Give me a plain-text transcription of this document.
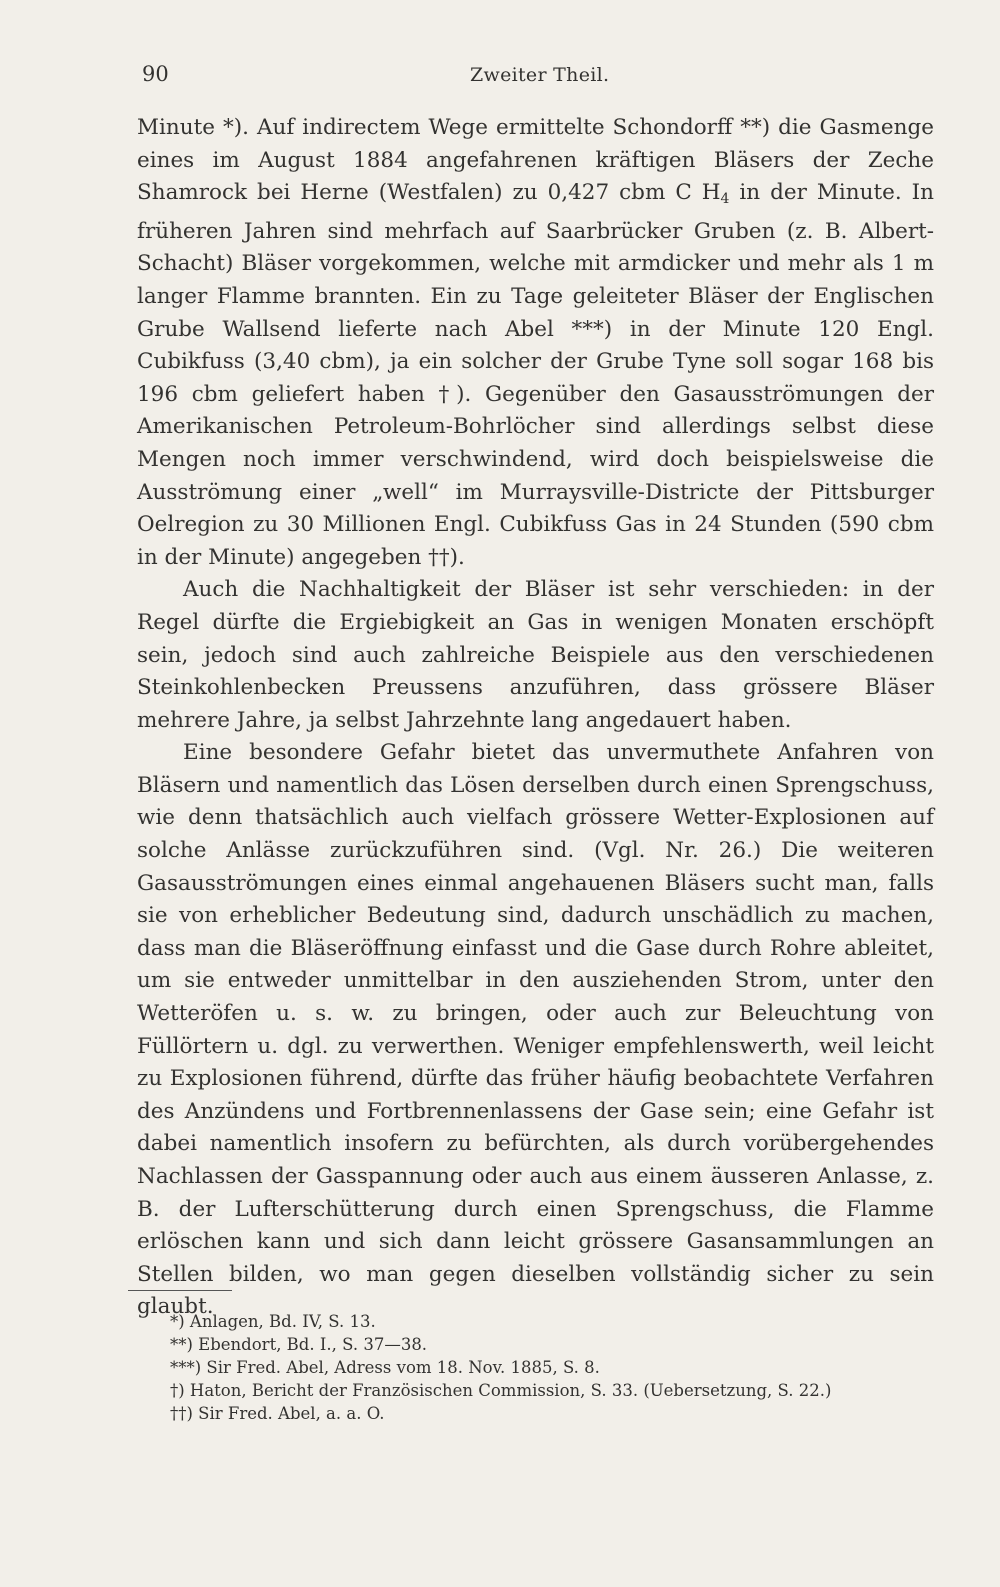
90	Zweiter Theil.

Minute *). Auf indirectem Wege ermittelte Schondorff **) die Gasmenge eines im August 1884 angefahrenen kräftigen Bläsers der Zeche Shamrock bei Herne (Westfalen) zu 0,427 cbm C $H_4$ in der Minute. In früheren Jahren sind mehrfach auf Saarbrücker Gruben (z. B. Albert-Schacht) Bläser vorgekommen, welche mit armdicker und mehr als 1 m langer Flamme brannten. Ein zu Tage geleiteter Bläser der Englischen Grube Wallsend lieferte nach Abel ***) in der Minute 120 Engl. Cubikfuss (3,40 cbm), ja ein solcher der Grube Tyne soll sogar 168 bis 196 cbm geliefert haben †). Gegenüber den Gasausströmungen der Amerikanischen Petroleum-Bohrlöcher sind allerdings selbst diese Mengen noch immer verschwindend, wird doch beispielsweise die Ausströmung einer „well“ im Murraysville-Districte der Pittsburger Oelregion zu 30 Millionen Engl. Cubikfuss Gas in 24 Stunden (590 cbm in der Minute) angegeben ††).

Auch die Nachhaltigkeit der Bläser ist sehr verschieden: in der Regel dürfte die Ergiebigkeit an Gas in wenigen Monaten erschöpft sein, jedoch sind auch zahlreiche Beispiele aus den verschiedenen Steinkohlenbecken Preussens anzuführen, dass grössere Bläser mehrere Jahre, ja selbst Jahrzehnte lang angedauert haben.

Eine besondere Gefahr bietet das unvermuthete Anfahren von Bläsern und namentlich das Lösen derselben durch einen Sprengschuss, wie denn thatsächlich auch vielfach grössere Wetter-Explosionen auf solche Anlässe zurückzuführen sind. (Vgl. Nr. 26.) Die weiteren Gasausströmungen eines einmal angehauenen Bläsers sucht man, falls sie von erheblicher Bedeutung sind, dadurch unschädlich zu machen, dass man die Bläseröffnung einfasst und die Gase durch Rohre ableitet, um sie entweder unmittelbar in den ausziehenden Strom, unter den Wetteröfen u. s. w. zu bringen, oder auch zur Beleuchtung von Füllörtern u. dgl. zu verwerthen. Weniger empfehlenswerth, weil leicht zu Explosionen führend, dürfte das früher häufig beobachtete Verfahren des Anzündens und Fortbrennenlassens der Gase sein; eine Gefahr ist dabei namentlich insofern zu befürchten, als durch vorübergehendes Nachlassen der Gasspannung oder auch aus einem äusseren Anlasse, z. B. der Lufterschütterung durch einen Sprengschuss, die Flamme erlöschen kann und sich dann leicht grössere Gasansammlungen an Stellen bilden, wo man gegen dieselben vollständig sicher zu sein glaubt.

*) Anlagen, Bd. IV, S. 13.
**) Ebendort, Bd. I., S. 37—38.
***) Sir Fred. Abel, Adress vom 18. Nov. 1885, S. 8.
†) Haton, Bericht der Französischen Commission, S. 33. (Uebersetzung, S. 22.)
††) Sir Fred. Abel, a. a. O.
